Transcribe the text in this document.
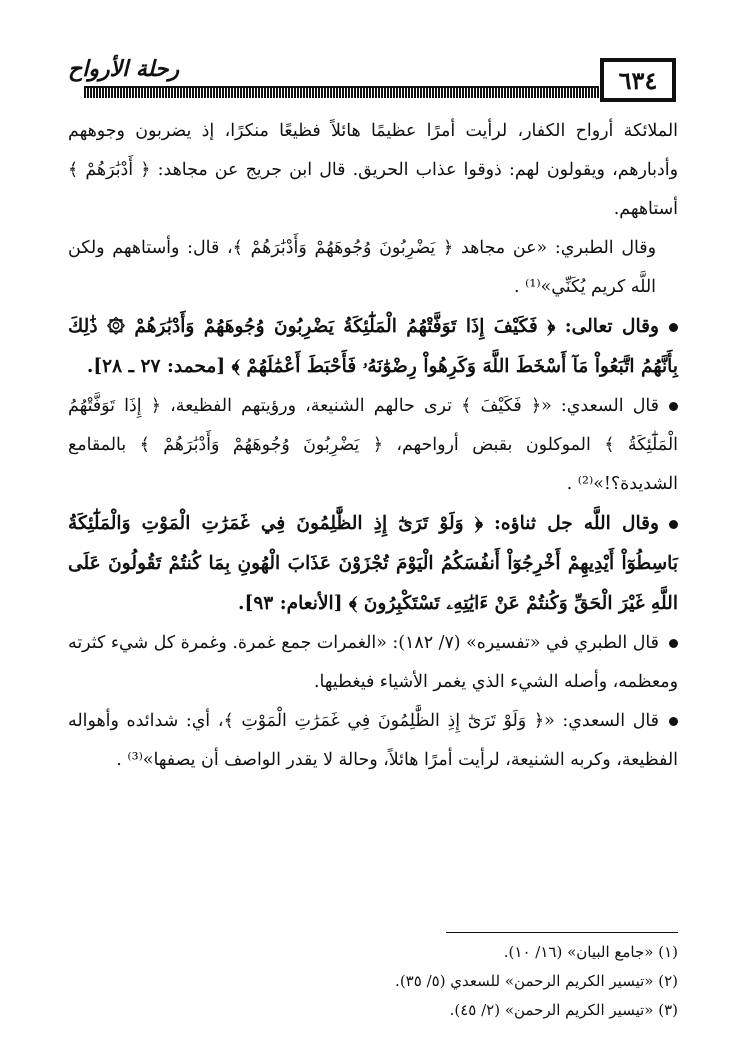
رحلة الأرواح	٦٣٤

الملائكة أرواح الكفار، لرأيت أمرًا عظيمًا هائلاً فظيعًا منكرًا، إذ يضربون وجوههم وأدبارهم، ويقولون لهم: ذوقوا عذاب الحريق. قال ابن جريج عن مجاهد: ﴿ أَدْبَٰرَهُمْ ﴾ أستاههم.

وقال الطبري: «عن مجاهد ﴿ يَضْرِبُونَ وُجُوهَهُمْ وَأَدْبَٰرَهُمْ ﴾، قال: وأستاههم ولكن اللَّه كريم يُكَنِّي»⁽¹⁾ .

وقال تعالى: ﴿ فَكَيْفَ إِذَا تَوَفَّتْهُمُ الْمَلَٰٓئِكَةُ يَضْرِبُونَ وُجُوهَهُمْ وَأَدْبَٰرَهُمْ ۞ ذَٰلِكَ بِأَنَّهُمُ اتَّبَعُواْ مَآ أَسْخَطَ اللَّهَ وَكَرِهُواْ رِضْوَٰنَهُۥ فَأَحْبَطَ أَعْمَٰلَهُمْ ﴾ [محمد: ٢٧ ـ ٢٨].

قال السعدي: «﴿ فَكَيْفَ ﴾ ترى حالهم الشنيعة، ورؤيتهم الفظيعة، ﴿ إِذَا تَوَفَّتْهُمُ الْمَلَٰٓئِكَةُ ﴾ الموكلون بقبض أرواحهم، ﴿ يَضْرِبُونَ وُجُوهَهُمْ وَأَدْبَٰرَهُمْ ﴾ بالمقامع الشديدة؟!»⁽²⁾ .

وقال اللَّه جل ثناؤه: ﴿ وَلَوْ تَرَىٰٓ إِذِ الظَّٰلِمُونَ فِي غَمَرَٰتِ الْمَوْتِ وَالْمَلَٰٓئِكَةُ بَاسِطُوٓاْ أَيْدِيهِمْ أَخْرِجُوٓاْ أَنفُسَكُمُ الْيَوْمَ تُجْزَوْنَ عَذَابَ الْهُونِ بِمَا كُنتُمْ تَقُولُونَ عَلَى اللَّهِ غَيْرَ الْحَقِّ وَكُنتُمْ عَنْ ءَايَٰتِهِۦ تَسْتَكْبِرُونَ ﴾ [الأنعام: ٩٣].

قال الطبري في «تفسيره» (٧/ ١٨٢): «الغمرات جمع غمرة. وغمرة كل شيء كثرته ومعظمه، وأصله الشيء الذي يغمر الأشياء فيغطيها.

قال السعدي: «﴿ وَلَوْ تَرَىٰٓ إِذِ الظَّٰلِمُونَ فِي غَمَرَٰتِ الْمَوْتِ ﴾، أي: شدائده وأهواله الفظيعة، وكربه الشنيعة، لرأيت أمرًا هائلاً، وحالة لا يقدر الواصف أن يصفها»⁽³⁾ .

(١) «جامع البيان» (١٦/ ١٠).

(٢) «تيسير الكريم الرحمن» للسعدي (٥/ ٣٥).

(٣) «تيسير الكريم الرحمن» (٢/ ٤٥).
